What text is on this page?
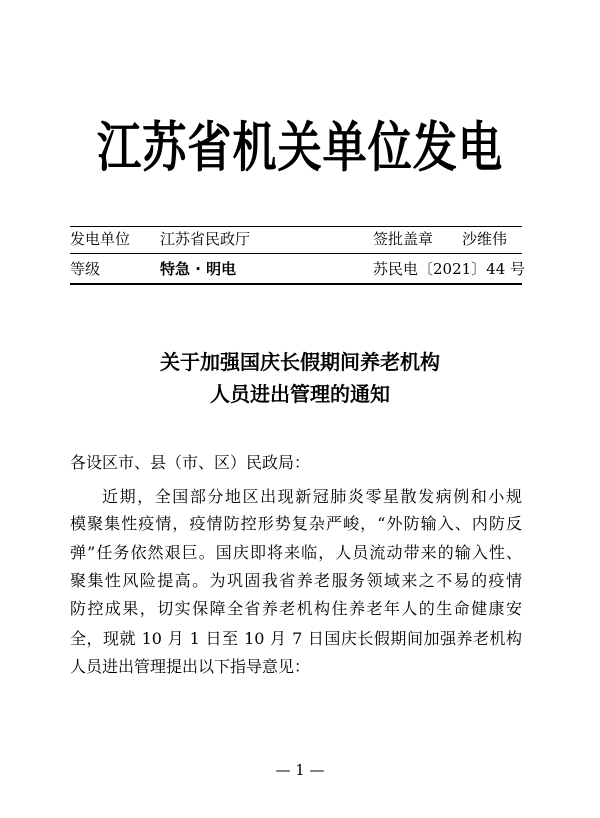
江苏省机关单位发电
发电单位 江苏省民政厅	签批盖章 沙维伟
等级	特急 · 明电	苏民电〔2021〕44 号
关于加强国庆长假期间养老机构
人员进出管理的通知
各设区市、县（市、区）民政局：
近期，全国部分地区出现新冠肺炎零星散发病例和小规
模聚集性疫情，疫情防控形势复杂严峻，“外防输入、内防反
弹”任务依然艰巨。国庆即将来临，人员流动带来的输入性、
聚集性风险提高。为巩固我省养老服务领域来之不易的疫情
防控成果，切实保障全省养老机构住养老年人的生命健康安
全，现就 10 月 1 日至 10 月 7 日国庆长假期间加强养老机构
人员进出管理提出以下指导意见：
— 1 —
